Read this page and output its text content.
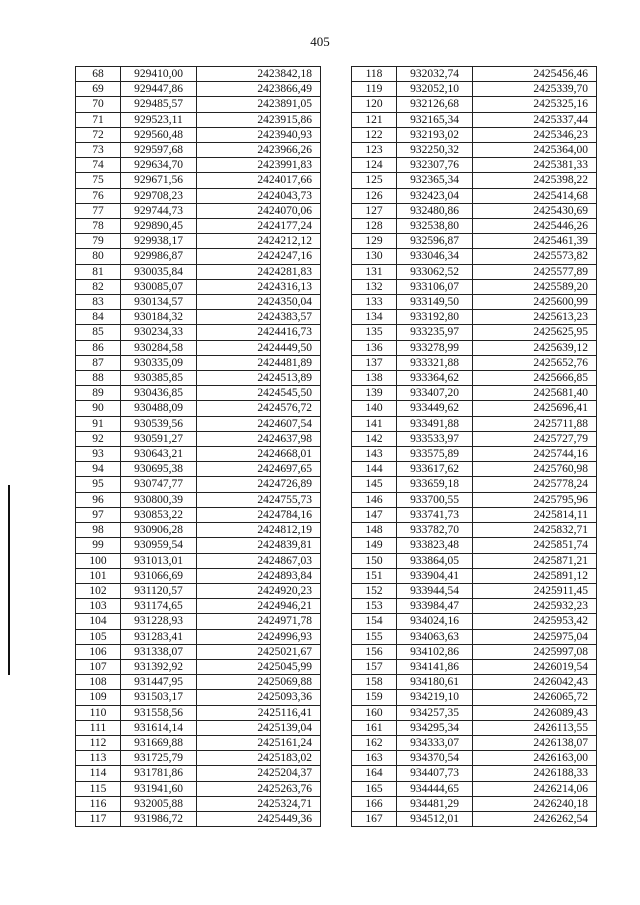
405
68	929410,00	2423842,18
69	929447,86	2423866,49
70	929485,57	2423891,05
71	929523,11	2423915,86
72	929560,48	2423940,93
73	929597,68	2423966,26
74	929634,70	2423991,83
75	929671,56	2424017,66
76	929708,23	2424043,73
77	929744,73	2424070,06
78	929890,45	2424177,24
79	929938,17	2424212,12
80	929986,87	2424247,16
81	930035,84	2424281,83
82	930085,07	2424316,13
83	930134,57	2424350,04
84	930184,32	2424383,57
85	930234,33	2424416,73
86	930284,58	2424449,50
87	930335,09	2424481,89
88	930385,85	2424513,89
89	930436,85	2424545,50
90	930488,09	2424576,72
91	930539,56	2424607,54
92	930591,27	2424637,98
93	930643,21	2424668,01
94	930695,38	2424697,65
95	930747,77	2424726,89
96	930800,39	2424755,73
97	930853,22	2424784,16
98	930906,28	2424812,19
99	930959,54	2424839,81
100	931013,01	2424867,03
101	931066,69	2424893,84
102	931120,57	2424920,23
103	931174,65	2424946,21
104	931228,93	2424971,78
105	931283,41	2424996,93
106	931338,07	2425021,67
107	931392,92	2425045,99
108	931447,95	2425069,88
109	931503,17	2425093,36
110	931558,56	2425116,41
111	931614,14	2425139,04
112	931669,88	2425161,24
113	931725,79	2425183,02
114	931781,86	2425204,37
115	931941,60	2425263,76
116	932005,88	2425324,71
117	931986,72	2425449,36
118	932032,74	2425456,46
119	932052,10	2425339,70
120	932126,68	2425325,16
121	932165,34	2425337,44
122	932193,02	2425346,23
123	932250,32	2425364,00
124	932307,76	2425381,33
125	932365,34	2425398,22
126	932423,04	2425414,68
127	932480,86	2425430,69
128	932538,80	2425446,26
129	932596,87	2425461,39
130	933046,34	2425573,82
131	933062,52	2425577,89
132	933106,07	2425589,20
133	933149,50	2425600,99
134	933192,80	2425613,23
135	933235,97	2425625,95
136	933278,99	2425639,12
137	933321,88	2425652,76
138	933364,62	2425666,85
139	933407,20	2425681,40
140	933449,62	2425696,41
141	933491,88	2425711,88
142	933533,97	2425727,79
143	933575,89	2425744,16
144	933617,62	2425760,98
145	933659,18	2425778,24
146	933700,55	2425795,96
147	933741,73	2425814,11
148	933782,70	2425832,71
149	933823,48	2425851,74
150	933864,05	2425871,21
151	933904,41	2425891,12
152	933944,54	2425911,45
153	933984,47	2425932,23
154	934024,16	2425953,42
155	934063,63	2425975,04
156	934102,86	2425997,08
157	934141,86	2426019,54
158	934180,61	2426042,43
159	934219,10	2426065,72
160	934257,35	2426089,43
161	934295,34	2426113,55
162	934333,07	2426138,07
163	934370,54	2426163,00
164	934407,73	2426188,33
165	934444,65	2426214,06
166	934481,29	2426240,18
167	934512,01	2426262,54
